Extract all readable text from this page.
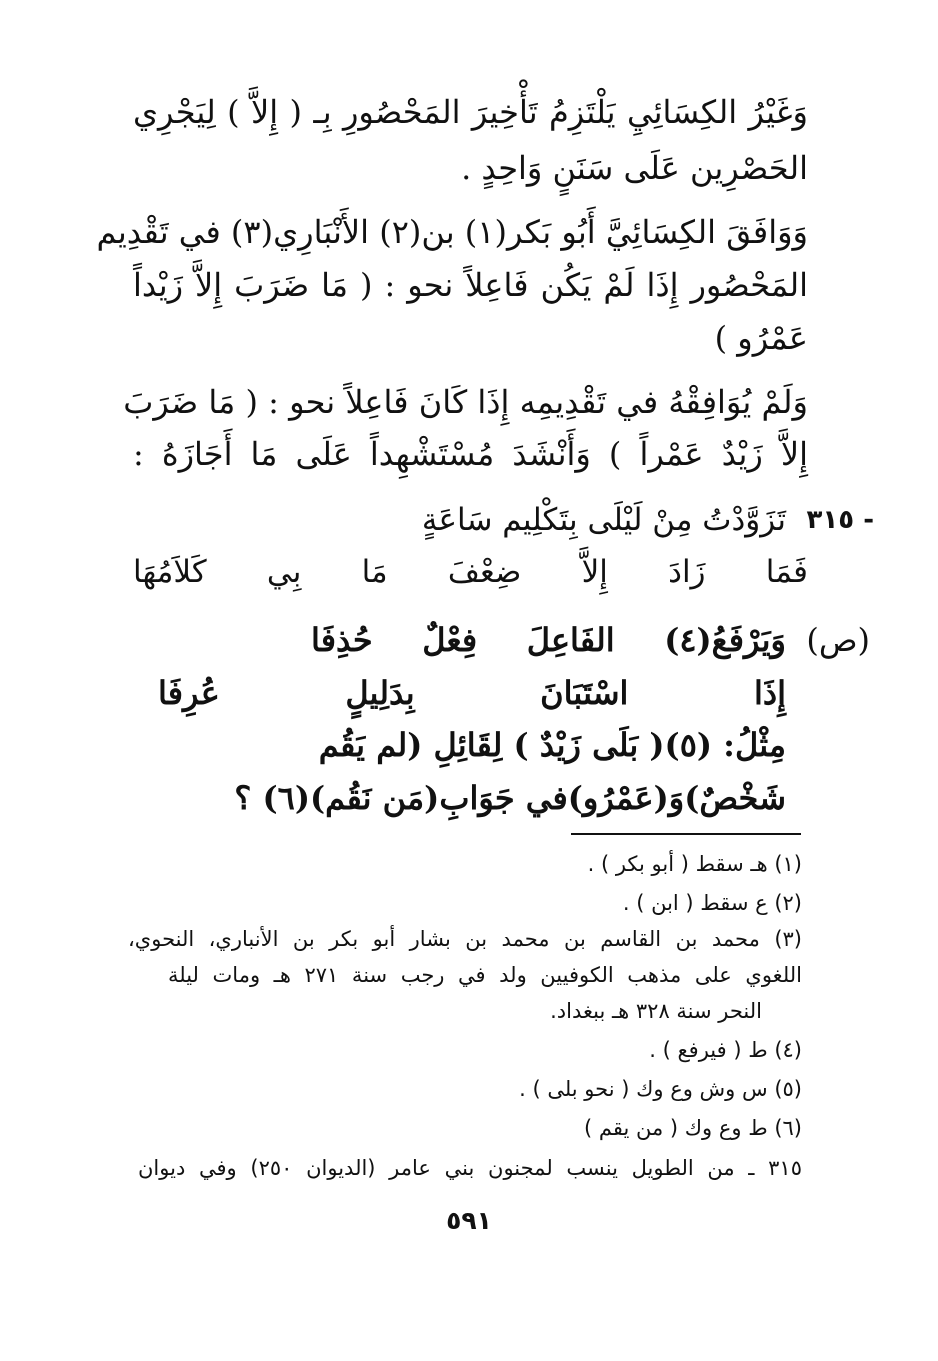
وَغَيْرُ الكِسَائِيِ يَلْتَزِمُ تَأْخِيرَ المَحْصُورِ بِـ ( إِلاَّ ) لِيَجْرِي
الحَصْرِين عَلَى سَنَنٍ وَاحِدٍ .
وَوَافَقَ الكِسَائِيَّ أَبُو بَكر(١) بن(٢) الأَنْبَارِي(٣) في تَقْدِيم
المَحْصُور إِذَا لَمْ يَكُن فَاعِلاً نحو : ( مَا ضَرَبَ إِلاَّ زَيْداً
عَمْرُو )
وَلَمْ يُوَافِقْهُ في تَقْدِيمِه إِذَا كَانَ فَاعِلاً نحو : ( مَا ضَرَبَ
إِلاَّ زَيْدٌ عَمْراً ) وَأَنْشَدَ مُسْتَشْهِداً عَلَى مَا أَجَازَهُ :
٣١٥ -
تَزَوَّدْتُ مِنْ لَيْلَى بِتَكْلِيم سَاعَةٍ
فَمَا زَادَ إِلاَّ ضِعْفَ مَا بِي كَلاَمُهَا
(ص)
وَيَرْفَعُ(٤) الفَاعِلَ فِعْلٌ حُذِفَا
إِذَا اسْتَبَانَ بِدَلِيلٍ عُرِفَا
مِثْلُ: (٥)( بَلَى زَيْدٌ ) لِقَائِلِ (لم يَقُم
شَخْصٌ)وَ(عَمْرُو)في جَوَابِ(مَن نَقُم)(٦) ؟
(١) هـ سقط ( أبو بكر ) .
(٢) ع سقط ( ابن ) .
(٣) محمد بن القاسم بن محمد بن بشار أبو بكر بن الأنباري، النحوي،
اللغوي على مذهب الكوفيين ولد في رجب سنة ٢٧١ هـ ومات ليلة
النحر سنة ٣٢٨ هـ ببغداد.
(٤) ط ( فيرفع ) .
(٥) س وش وع وك ( نحو بلى ) .
(٦) ط وع وك ( من يقم )
٣١٥ ـ من الطويل ينسب لمجنون بني عامر (الديوان ٢٥٠) وفي ديوان
٥٩١
